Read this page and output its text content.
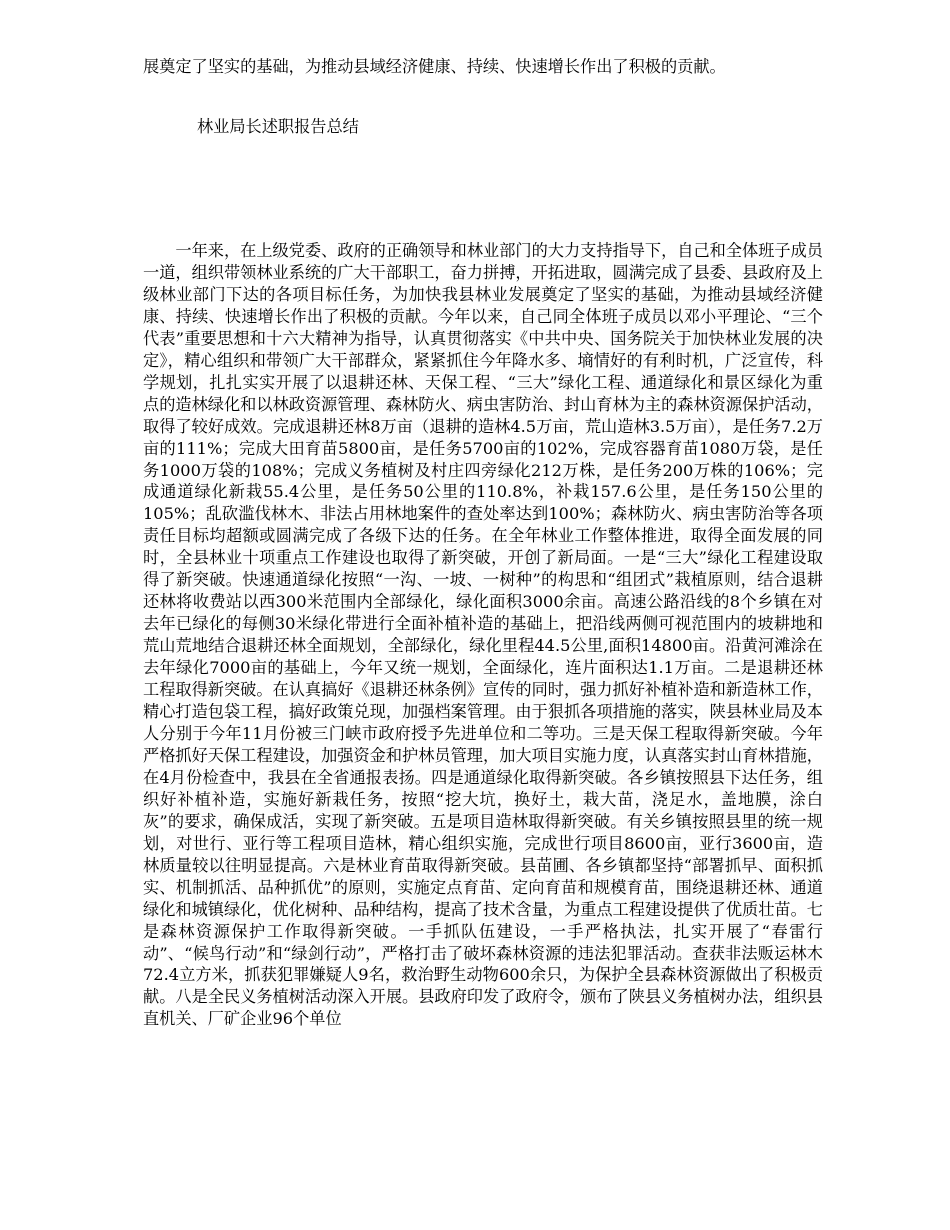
展奠定了坚实的基础，为推动县域经济健康、持续、快速增长作出了积极的贡献。
林业局长述职报告总结

一年来，在上级党委、政府的正确领导和林业部门的大力支持指导下，自己和全体班子成员一道，组织带领林业系统的广大干部职工，奋力拼搏，开拓进取，圆满完成了县委、县政府及上级林业部门下达的各项目标任务，为加快我县林业发展奠定了坚实的基础，为推动县域经济健康、持续、快速增长作出了积极的贡献。今年以来，自己同全体班子成员以邓小平理论、“三个代表”重要思想和十六大精神为指导，认真贯彻落实《中共中央、国务院关于加快林业发展的决定》，精心组织和带领广大干部群众，紧紧抓住今年降水多、墒情好的有利时机，广泛宣传，科学规划，扎扎实实开展了以退耕还林、天保工程、“三大”绿化工程、通道绿化和景区绿化为重点的造林绿化和以林政资源管理、森林防火、病虫害防治、封山育林为主的森林资源保护活动，取得了较好成效。完成退耕还林8万亩（退耕的造林4.5万亩，荒山造林3.5万亩），是任务7.2万亩的111%；完成大田育苗5800亩，是任务5700亩的102%，完成容器育苗1080万袋，是任务1000万袋的108%；完成义务植树及村庄四旁绿化212万株，是任务200万株的106%；完成通道绿化新栽55.4公里，是任务50公里的110.8%，补栽157.6公里，是任务150公里的105%；乱砍滥伐林木、非法占用林地案件的查处率达到100%；森林防火、病虫害防治等各项责任目标均超额或圆满完成了各级下达的任务。在全年林业工作整体推进，取得全面发展的同时，全县林业十项重点工作建设也取得了新突破，开创了新局面。一是“三大”绿化工程建设取得了新突破。快速通道绿化按照“一沟、一坡、一树种”的构思和“组团式”栽植原则，结合退耕还林将收费站以西300米范围内全部绿化，绿化面积3000余亩。高速公路沿线的8个乡镇在对去年已绿化的每侧30米绿化带进行全面补植补造的基础上，把沿线两侧可视范围内的坡耕地和荒山荒地结合退耕还林全面规划，全部绿化，绿化里程44.5公里,面积14800亩。沿黄河滩涂在去年绿化7000亩的基础上，今年又统一规划，全面绿化，连片面积达1.1万亩。二是退耕还林工程取得新突破。在认真搞好《退耕还林条例》宣传的同时，强力抓好补植补造和新造林工作，精心打造包袋工程，搞好政策兑现，加强档案管理。由于狠抓各项措施的落实，陕县林业局及本人分别于今年11月份被三门峡市政府授予先进单位和二等功。三是天保工程取得新突破。今年严格抓好天保工程建设，加强资金和护林员管理，加大项目实施力度，认真落实封山育林措施，在4月份检查中，我县在全省通报表扬。四是通道绿化取得新突破。各乡镇按照县下达任务，组织好补植补造，实施好新栽任务，按照“挖大坑，换好土，栽大苗，浇足水，盖地膜，涂白灰”的要求，确保成活，实现了新突破。五是项目造林取得新突破。有关乡镇按照县里的统一规划，对世行、亚行等工程项目造林，精心组织实施，完成世行项目8600亩，亚行3600亩，造林质量较以往明显提高。六是林业育苗取得新突破。县苗圃、各乡镇都坚持“部署抓早、面积抓实、机制抓活、品种抓优”的原则，实施定点育苗、定向育苗和规模育苗，围绕退耕还林、通道绿化和城镇绿化，优化树种、品种结构，提高了技术含量，为重点工程建设提供了优质壮苗。七是森林资源保护工作取得新突破。一手抓队伍建设，一手严格执法，扎实开展了“春雷行动”、“候鸟行动”和“绿剑行动”，严格打击了破坏森林资源的违法犯罪活动。查获非法贩运林木72.4立方米，抓获犯罪嫌疑人9名，救治野生动物600余只，为保护全县森林资源做出了积极贡献。八是全民义务植树活动深入开展。县政府印发了政府令，颁布了陕县义务植树办法，组织县直机关、厂矿企业96个单位
